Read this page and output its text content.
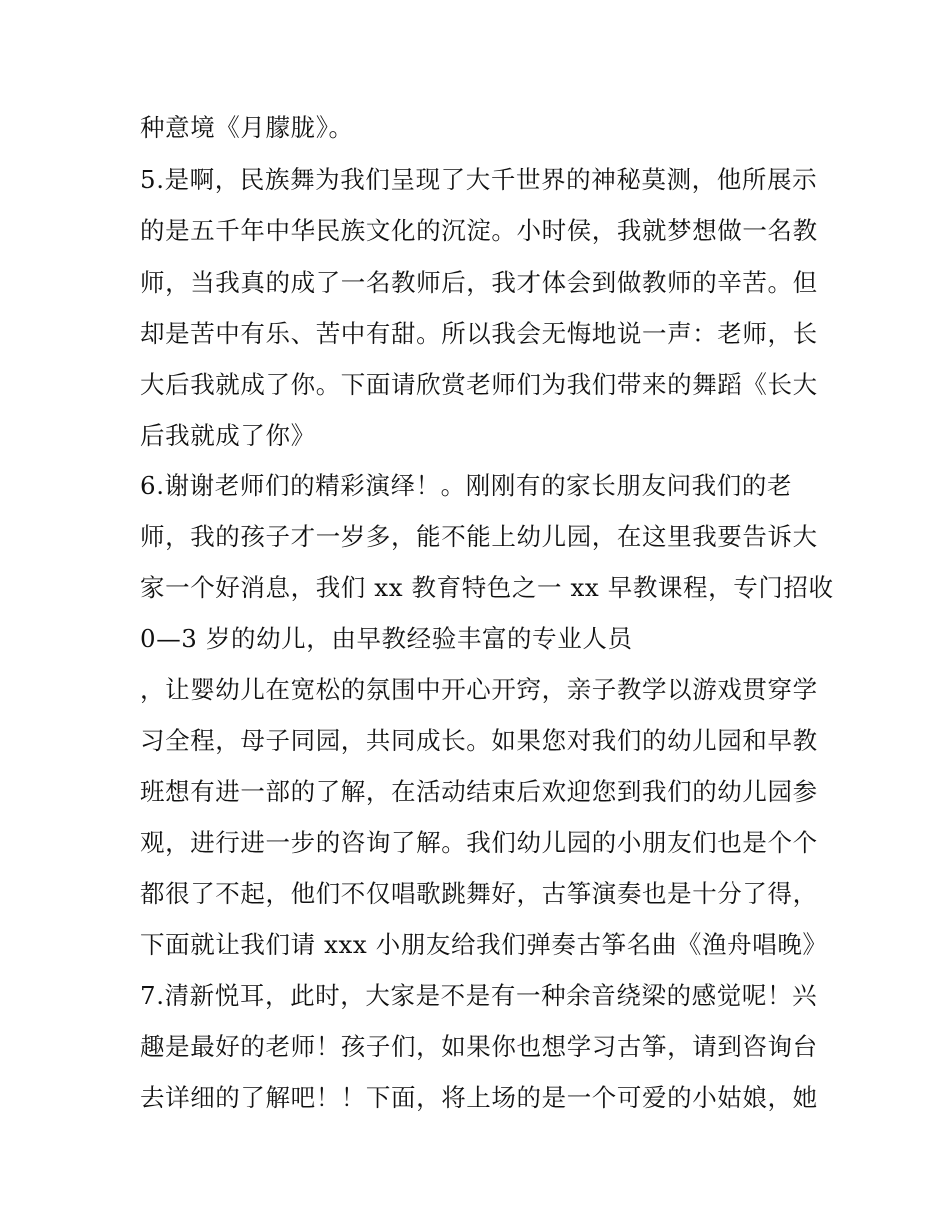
种意境《月朦胧》。
5.是啊，民族舞为我们呈现了大千世界的神秘莫测，他所展示
的是五千年中华民族文化的沉淀。小时侯，我就梦想做一名教
师，当我真的成了一名教师后，我才体会到做教师的辛苦。但
却是苦中有乐、苦中有甜。所以我会无悔地说一声：老师，长
大后我就成了你。下面请欣赏老师们为我们带来的舞蹈《长大
后我就成了你》
6.谢谢老师们的精彩演绎！。刚刚有的家长朋友问我们的老
师，我的孩子才一岁多，能不能上幼儿园，在这里我要告诉大
家一个好消息，我们 xx 教育特色之一 xx 早教课程，专门招收
0—3 岁的幼儿，由早教经验丰富的专业人员
，让婴幼儿在宽松的氛围中开心开窍，亲子教学以游戏贯穿学
习全程，母子同园，共同成长。如果您对我们的幼儿园和早教
班想有进一部的了解，在活动结束后欢迎您到我们的幼儿园参
观，进行进一步的咨询了解。我们幼儿园的小朋友们也是个个
都很了不起，他们不仅唱歌跳舞好，古筝演奏也是十分了得，
下面就让我们请 xxx 小朋友给我们弹奏古筝名曲《渔舟唱晚》
7.清新悦耳，此时，大家是不是有一种余音绕梁的感觉呢！兴
趣是最好的老师！孩子们，如果你也想学习古筝，请到咨询台
去详细的了解吧！！下面，将上场的是一个可爱的小姑娘，她
